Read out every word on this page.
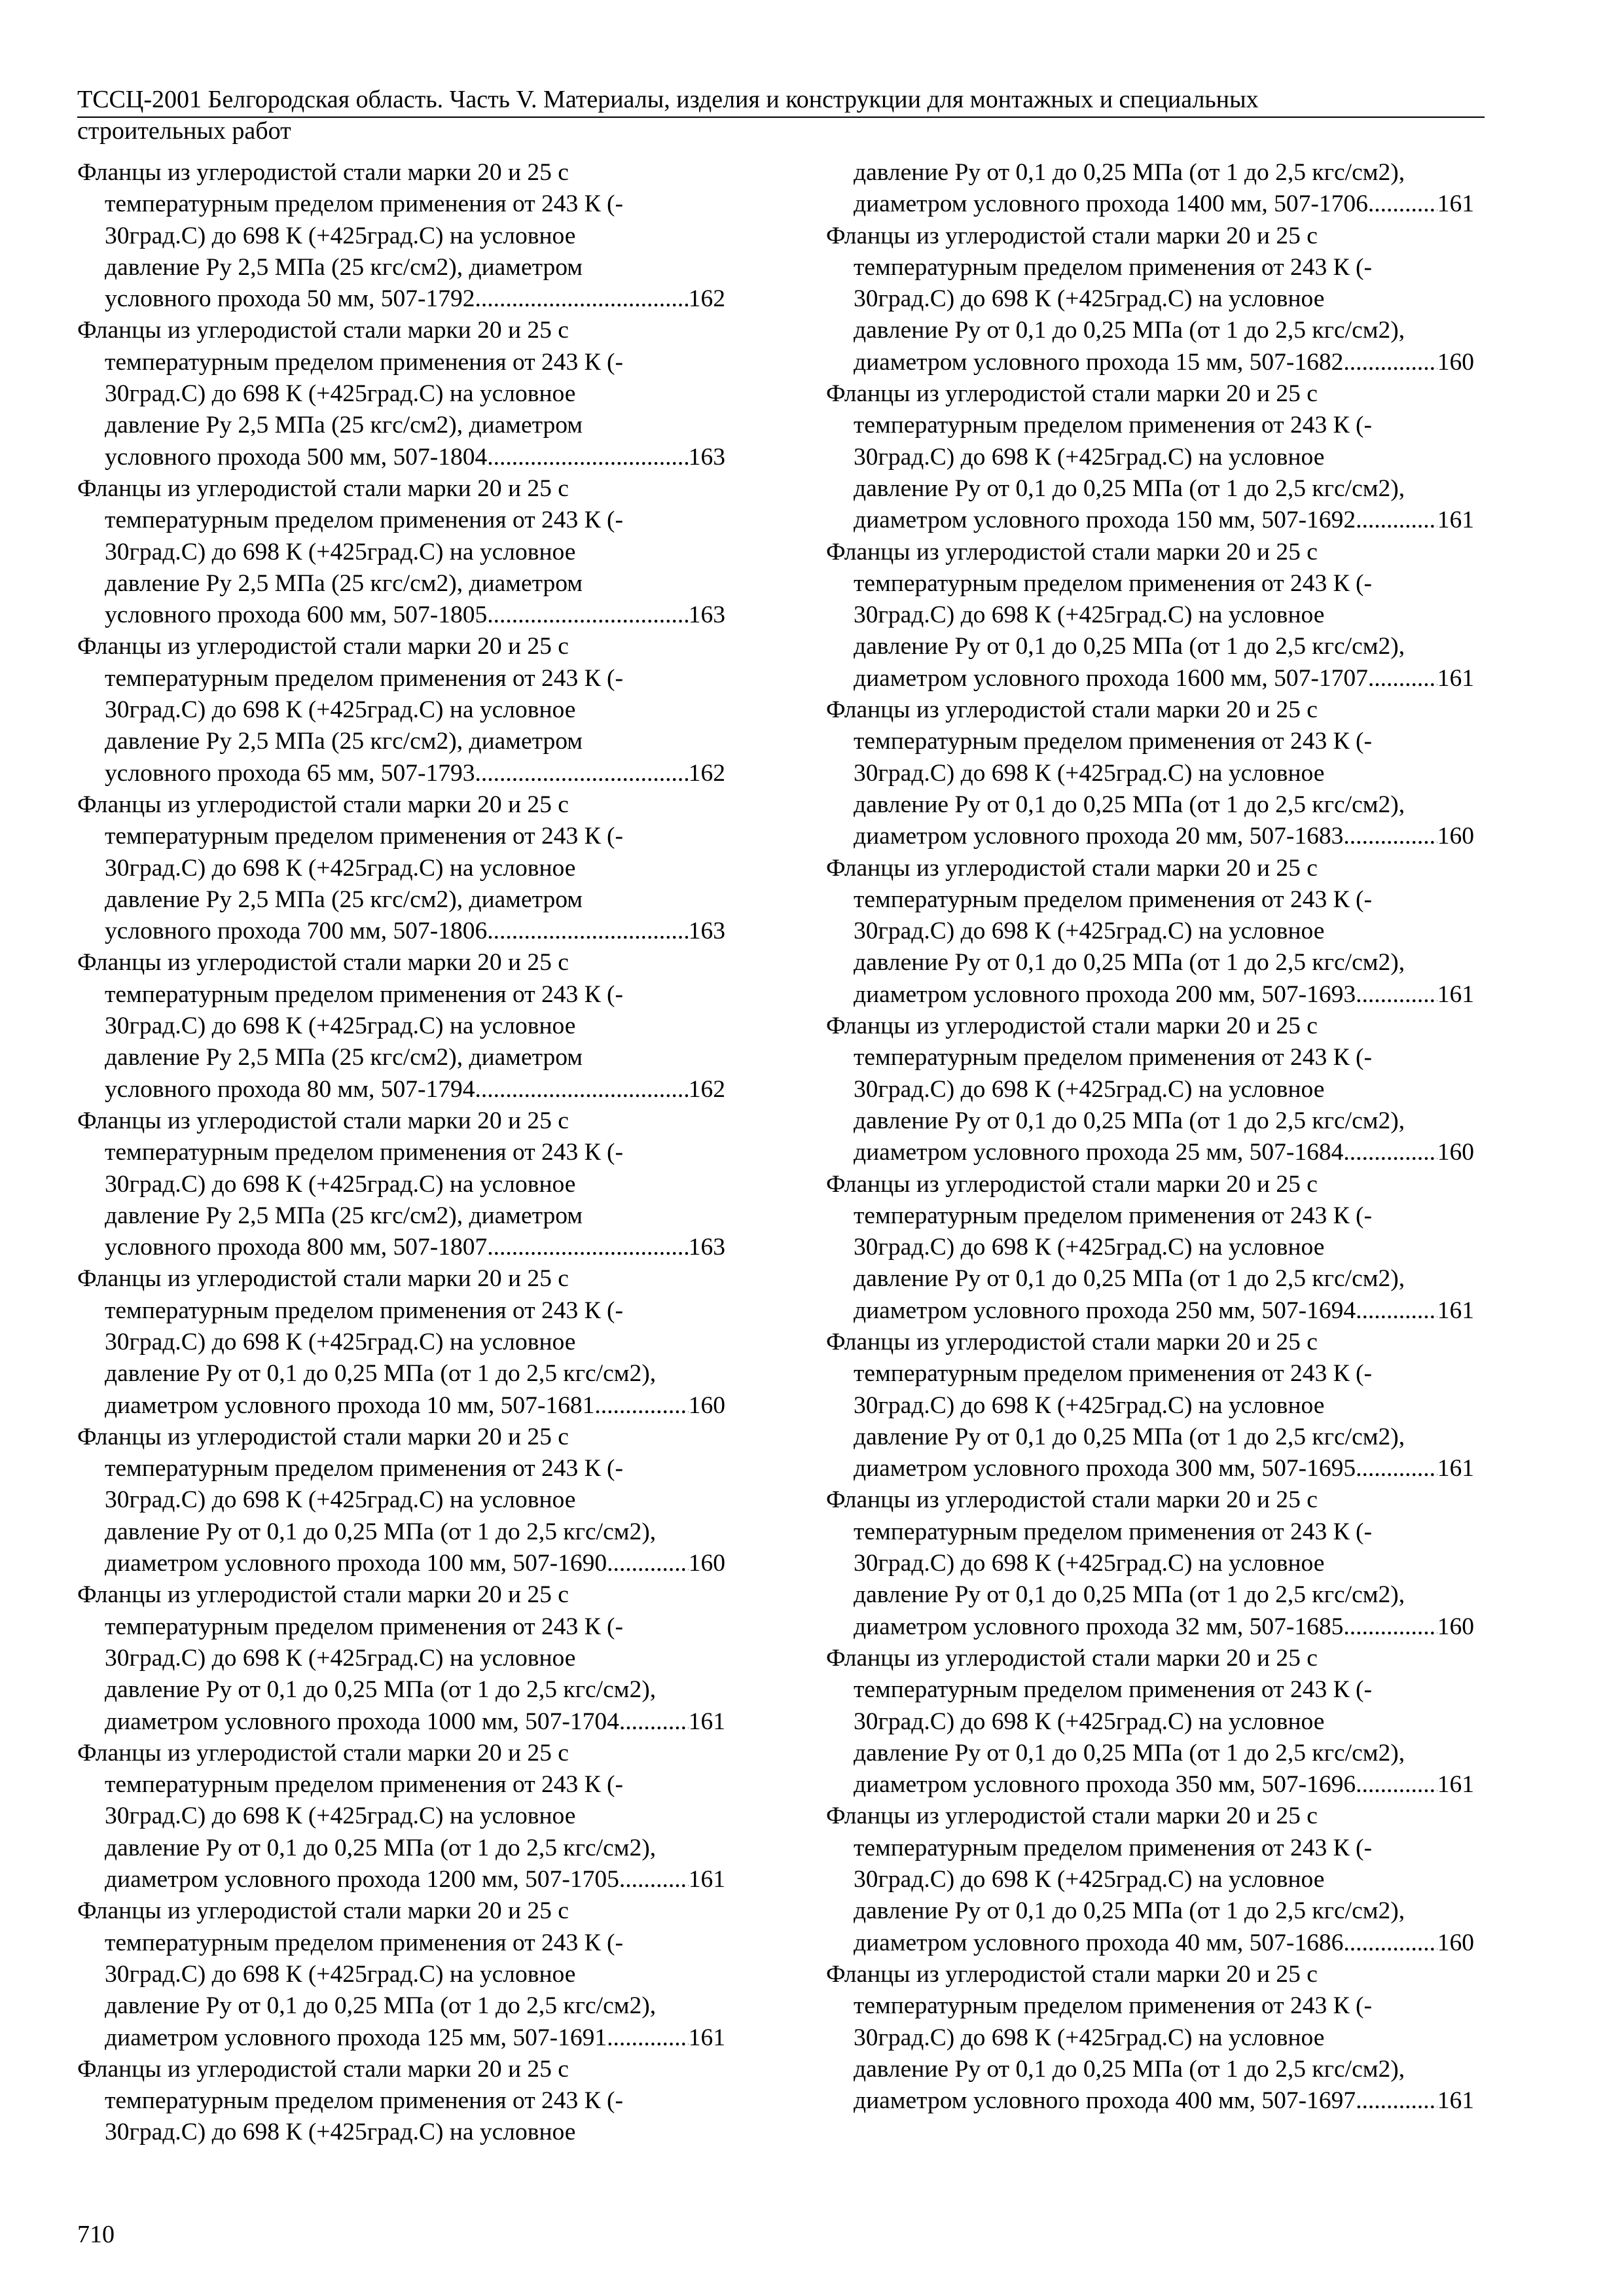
ТССЦ-2001 Белгородская область. Часть V. Материалы, изделия и конструкции для монтажных и специальных
строительных работ
Фланцы из углеродистой стали марки 20 и 25 с
температурным пределом применения от 243 К (-
30град.С) до 698 К (+425град.С) на условное
давление Ру 2,5 МПа (25 кгс/см2), диаметром
условного прохода 50 мм, 507-1792 .....	162
Фланцы из углеродистой стали марки 20 и 25 с
температурным пределом применения от 243 К (-
30град.С) до 698 К (+425град.С) на условное
давление Ру 2,5 МПа (25 кгс/см2), диаметром
условного прохода 500 мм, 507-1804 .....	163
Фланцы из углеродистой стали марки 20 и 25 с
температурным пределом применения от 243 К (-
30град.С) до 698 К (+425град.С) на условное
давление Ру 2,5 МПа (25 кгс/см2), диаметром
условного прохода 600 мм, 507-1805 .....	163
Фланцы из углеродистой стали марки 20 и 25 с
температурным пределом применения от 243 К (-
30град.С) до 698 К (+425град.С) на условное
давление Ру 2,5 МПа (25 кгс/см2), диаметром
условного прохода 65 мм, 507-1793 .....	162
Фланцы из углеродистой стали марки 20 и 25 с
температурным пределом применения от 243 К (-
30град.С) до 698 К (+425град.С) на условное
давление Ру 2,5 МПа (25 кгс/см2), диаметром
условного прохода 700 мм, 507-1806 .....	163
Фланцы из углеродистой стали марки 20 и 25 с
температурным пределом применения от 243 К (-
30град.С) до 698 К (+425град.С) на условное
давление Ру 2,5 МПа (25 кгс/см2), диаметром
условного прохода 80 мм, 507-1794 .....	162
Фланцы из углеродистой стали марки 20 и 25 с
температурным пределом применения от 243 К (-
30град.С) до 698 К (+425град.С) на условное
давление Ру 2,5 МПа (25 кгс/см2), диаметром
условного прохода 800 мм, 507-1807 .....	163
Фланцы из углеродистой стали марки 20 и 25 с
температурным пределом применения от 243 К (-
30град.С) до 698 К (+425град.С) на условное
давление Ру от 0,1 до 0,25 МПа (от 1 до 2,5 кгс/см2),
диаметром условного прохода 10 мм, 507-1681 .....	160
Фланцы из углеродистой стали марки 20 и 25 с
температурным пределом применения от 243 К (-
30град.С) до 698 К (+425град.С) на условное
давление Ру от 0,1 до 0,25 МПа (от 1 до 2,5 кгс/см2),
диаметром условного прохода 100 мм, 507-1690 .....	160
Фланцы из углеродистой стали марки 20 и 25 с
температурным пределом применения от 243 К (-
30град.С) до 698 К (+425град.С) на условное
давление Ру от 0,1 до 0,25 МПа (от 1 до 2,5 кгс/см2),
диаметром условного прохода 1000 мм, 507-1704 .....	161
Фланцы из углеродистой стали марки 20 и 25 с
температурным пределом применения от 243 К (-
30град.С) до 698 К (+425град.С) на условное
давление Ру от 0,1 до 0,25 МПа (от 1 до 2,5 кгс/см2),
диаметром условного прохода 1200 мм, 507-1705 .....	161
Фланцы из углеродистой стали марки 20 и 25 с
температурным пределом применения от 243 К (-
30град.С) до 698 К (+425град.С) на условное
давление Ру от 0,1 до 0,25 МПа (от 1 до 2,5 кгс/см2),
диаметром условного прохода 125 мм, 507-1691 .....	161
Фланцы из углеродистой стали марки 20 и 25 с
температурным пределом применения от 243 К (-
30град.С) до 698 К (+425град.С) на условное
давление Ру от 0,1 до 0,25 МПа (от 1 до 2,5 кгс/см2),
диаметром условного прохода 1400 мм, 507-1706 .....	161
Фланцы из углеродистой стали марки 20 и 25 с
температурным пределом применения от 243 К (-
30град.С) до 698 К (+425град.С) на условное
давление Ру от 0,1 до 0,25 МПа (от 1 до 2,5 кгс/см2),
диаметром условного прохода 15 мм, 507-1682 .....	160
Фланцы из углеродистой стали марки 20 и 25 с
температурным пределом применения от 243 К (-
30град.С) до 698 К (+425град.С) на условное
давление Ру от 0,1 до 0,25 МПа (от 1 до 2,5 кгс/см2),
диаметром условного прохода 150 мм, 507-1692 .....	161
Фланцы из углеродистой стали марки 20 и 25 с
температурным пределом применения от 243 К (-
30град.С) до 698 К (+425град.С) на условное
давление Ру от 0,1 до 0,25 МПа (от 1 до 2,5 кгс/см2),
диаметром условного прохода 1600 мм, 507-1707 .....	161
Фланцы из углеродистой стали марки 20 и 25 с
температурным пределом применения от 243 К (-
30град.С) до 698 К (+425град.С) на условное
давление Ру от 0,1 до 0,25 МПа (от 1 до 2,5 кгс/см2),
диаметром условного прохода 20 мм, 507-1683 .....	160
Фланцы из углеродистой стали марки 20 и 25 с
температурным пределом применения от 243 К (-
30град.С) до 698 К (+425град.С) на условное
давление Ру от 0,1 до 0,25 МПа (от 1 до 2,5 кгс/см2),
диаметром условного прохода 200 мм, 507-1693 .....	161
Фланцы из углеродистой стали марки 20 и 25 с
температурным пределом применения от 243 К (-
30град.С) до 698 К (+425град.С) на условное
давление Ру от 0,1 до 0,25 МПа (от 1 до 2,5 кгс/см2),
диаметром условного прохода 25 мм, 507-1684 .....	160
Фланцы из углеродистой стали марки 20 и 25 с
температурным пределом применения от 243 К (-
30град.С) до 698 К (+425град.С) на условное
давление Ру от 0,1 до 0,25 МПа (от 1 до 2,5 кгс/см2),
диаметром условного прохода 250 мм, 507-1694 .....	161
Фланцы из углеродистой стали марки 20 и 25 с
температурным пределом применения от 243 К (-
30град.С) до 698 К (+425град.С) на условное
давление Ру от 0,1 до 0,25 МПа (от 1 до 2,5 кгс/см2),
диаметром условного прохода 300 мм, 507-1695 .....	161
Фланцы из углеродистой стали марки 20 и 25 с
температурным пределом применения от 243 К (-
30град.С) до 698 К (+425град.С) на условное
давление Ру от 0,1 до 0,25 МПа (от 1 до 2,5 кгс/см2),
диаметром условного прохода 32 мм, 507-1685 .....	160
Фланцы из углеродистой стали марки 20 и 25 с
температурным пределом применения от 243 К (-
30град.С) до 698 К (+425град.С) на условное
давление Ру от 0,1 до 0,25 МПа (от 1 до 2,5 кгс/см2),
диаметром условного прохода 350 мм, 507-1696 .....	161
Фланцы из углеродистой стали марки 20 и 25 с
температурным пределом применения от 243 К (-
30град.С) до 698 К (+425град.С) на условное
давление Ру от 0,1 до 0,25 МПа (от 1 до 2,5 кгс/см2),
диаметром условного прохода 40 мм, 507-1686 .....	160
Фланцы из углеродистой стали марки 20 и 25 с
температурным пределом применения от 243 К (-
30град.С) до 698 К (+425град.С) на условное
давление Ру от 0,1 до 0,25 МПа (от 1 до 2,5 кгс/см2),
диаметром условного прохода 400 мм, 507-1697 .....	161
710
